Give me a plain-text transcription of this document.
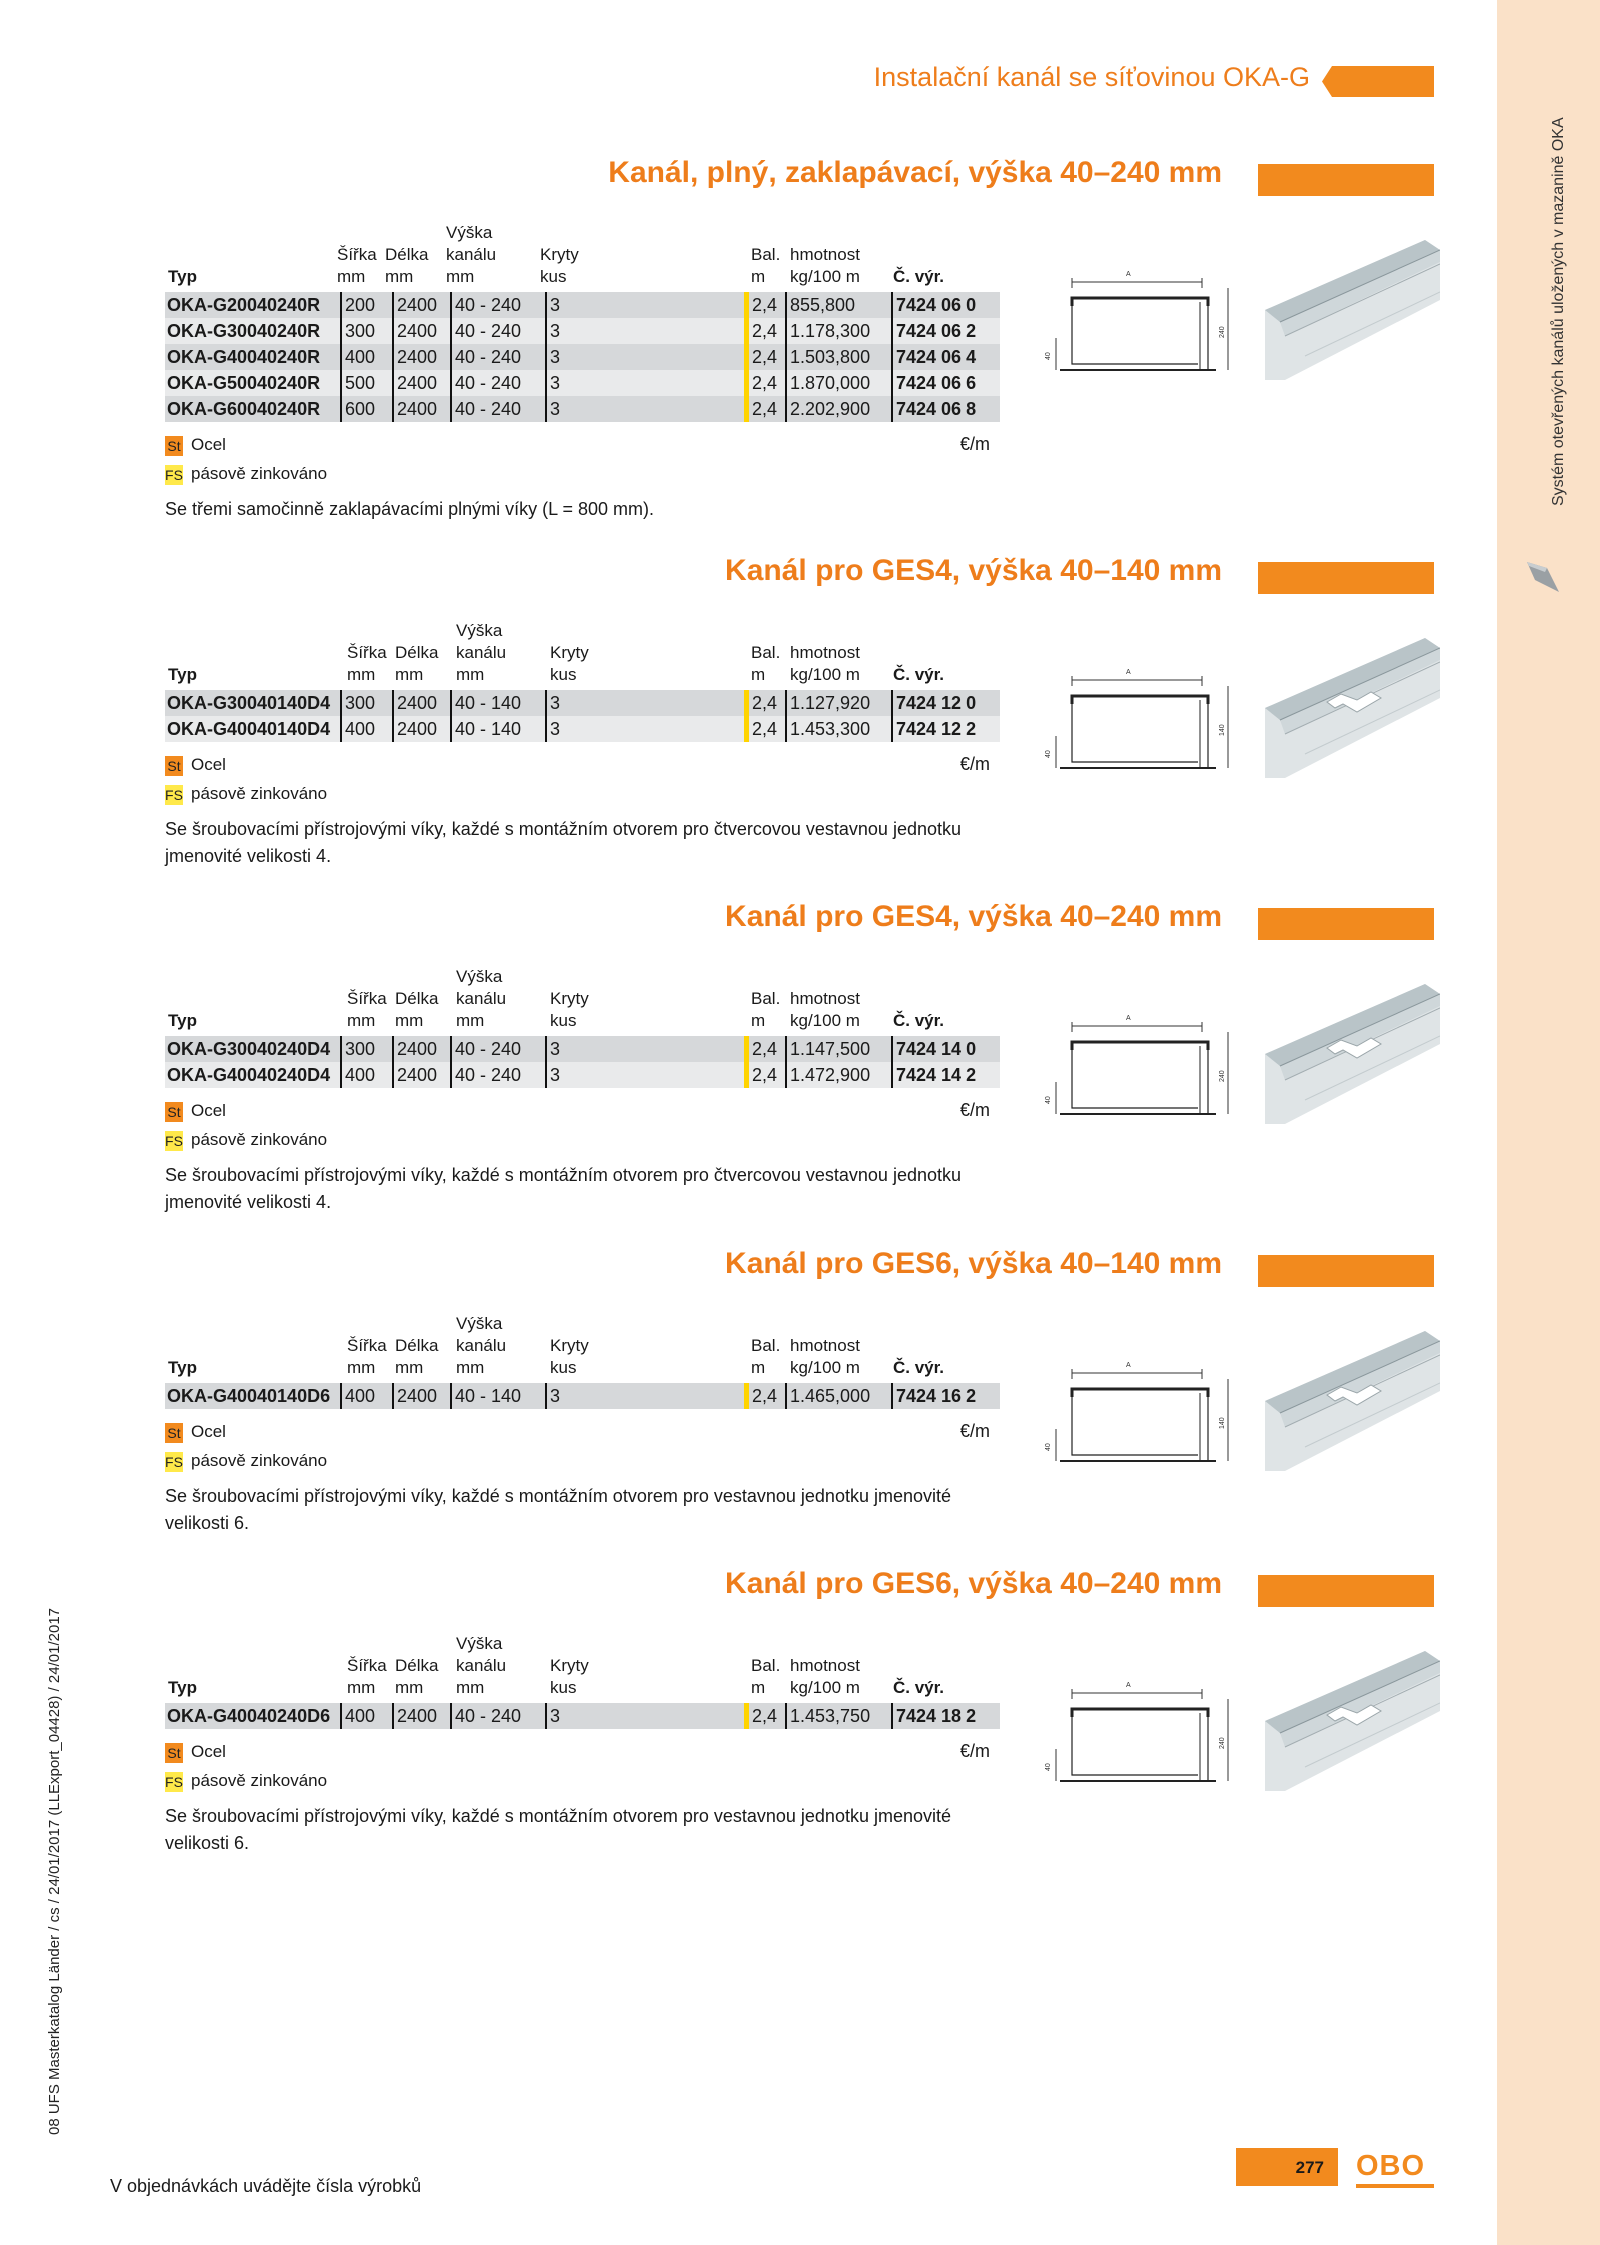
Systém otevřených kanálů uložených v mazanině OKA
Instalační kanál se síťovinou OKA-G
A
40
240
Kanál, plný, zaklapávací, výška 40–240 mm
Výška
Šířka Délka kanálu	Kryty	Bal. hmotnost
Typ	mm mm mm	kus	m kg/100 m Č. výr.
OKA-G20040240R 200 2400 40 - 240 3	2,4 855,800 7424 06 0
OKA-G30040240R 300 2400 40 - 240 3	2,4 1.178,300 7424 06 2
OKA-G40040240R 400 2400 40 - 240 3	2,4 1.503,800 7424 06 4
OKA-G50040240R 500 2400 40 - 240 3	2,4 1.870,000 7424 06 6
OKA-G60040240R 600 2400 40 - 240 3	2,4 2.202,900 7424 06 8
St Ocel	€/m
FS pásově zinkováno
Se třemi samočinně zaklapávacími plnými víky (L = 800 mm).
A
40
140
Kanál pro GES4, výška 40–140 mm
Výška
Šířka Délka kanálu	Kryty	Bal. hmotnost
Typ	mm mm mm	kus	m kg/100 m Č. výr.
OKA-G30040140D4 300 2400 40 - 140 3	2,4 1.127,920 7424 12 0
OKA-G40040140D4 400 2400 40 - 140 3	2,4 1.453,300 7424 12 2
St Ocel	€/m
FS pásově zinkováno
Se šroubovacími přístrojovými víky, každé s montážním otvorem pro čtvercovou vestavnou jednotku jmenovité velikosti 4.
A
40
240
Kanál pro GES4, výška 40–240 mm
Výška
Šířka Délka kanálu	Kryty	Bal. hmotnost
Typ	mm mm mm	kus	m kg/100 m Č. výr.
OKA-G30040240D4 300 2400 40 - 240 3	2,4 1.147,500 7424 14 0
OKA-G40040240D4 400 2400 40 - 240 3	2,4 1.472,900 7424 14 2
St Ocel	€/m
FS pásově zinkováno
Se šroubovacími přístrojovými víky, každé s montážním otvorem pro čtvercovou vestavnou jednotku jmenovité velikosti 4.
A
40
140
Kanál pro GES6, výška 40–140 mm
Výška
Šířka Délka kanálu	Kryty	Bal. hmotnost
Typ	mm mm mm	kus	m kg/100 m Č. výr.
OKA-G40040140D6 400 2400 40 - 140 3	2,4 1.465,000 7424 16 2
St Ocel	€/m
FS pásově zinkováno
Se šroubovacími přístrojovými víky, každé s montážním otvorem pro vestavnou jednotku jmenovité velikosti 6.
A
40
240
Kanál pro GES6, výška 40–240 mm
Výška
Šířka Délka kanálu	Kryty	Bal. hmotnost
Typ	mm mm mm	kus	m kg/100 m Č. výr.
OKA-G40040240D6 400 2400 40 - 240 3	2,4 1.453,750 7424 18 2
St Ocel	€/m
FS pásově zinkováno
Se šroubovacími přístrojovými víky, každé s montážním otvorem pro vestavnou jednotku jmenovité velikosti 6.
08 UFS Masterkatalog Länder / cs / 24/01/2017 (LLExport_04428) / 24/01/2017
V objednávkách uváděјte čísla výrobků
277 OBO
